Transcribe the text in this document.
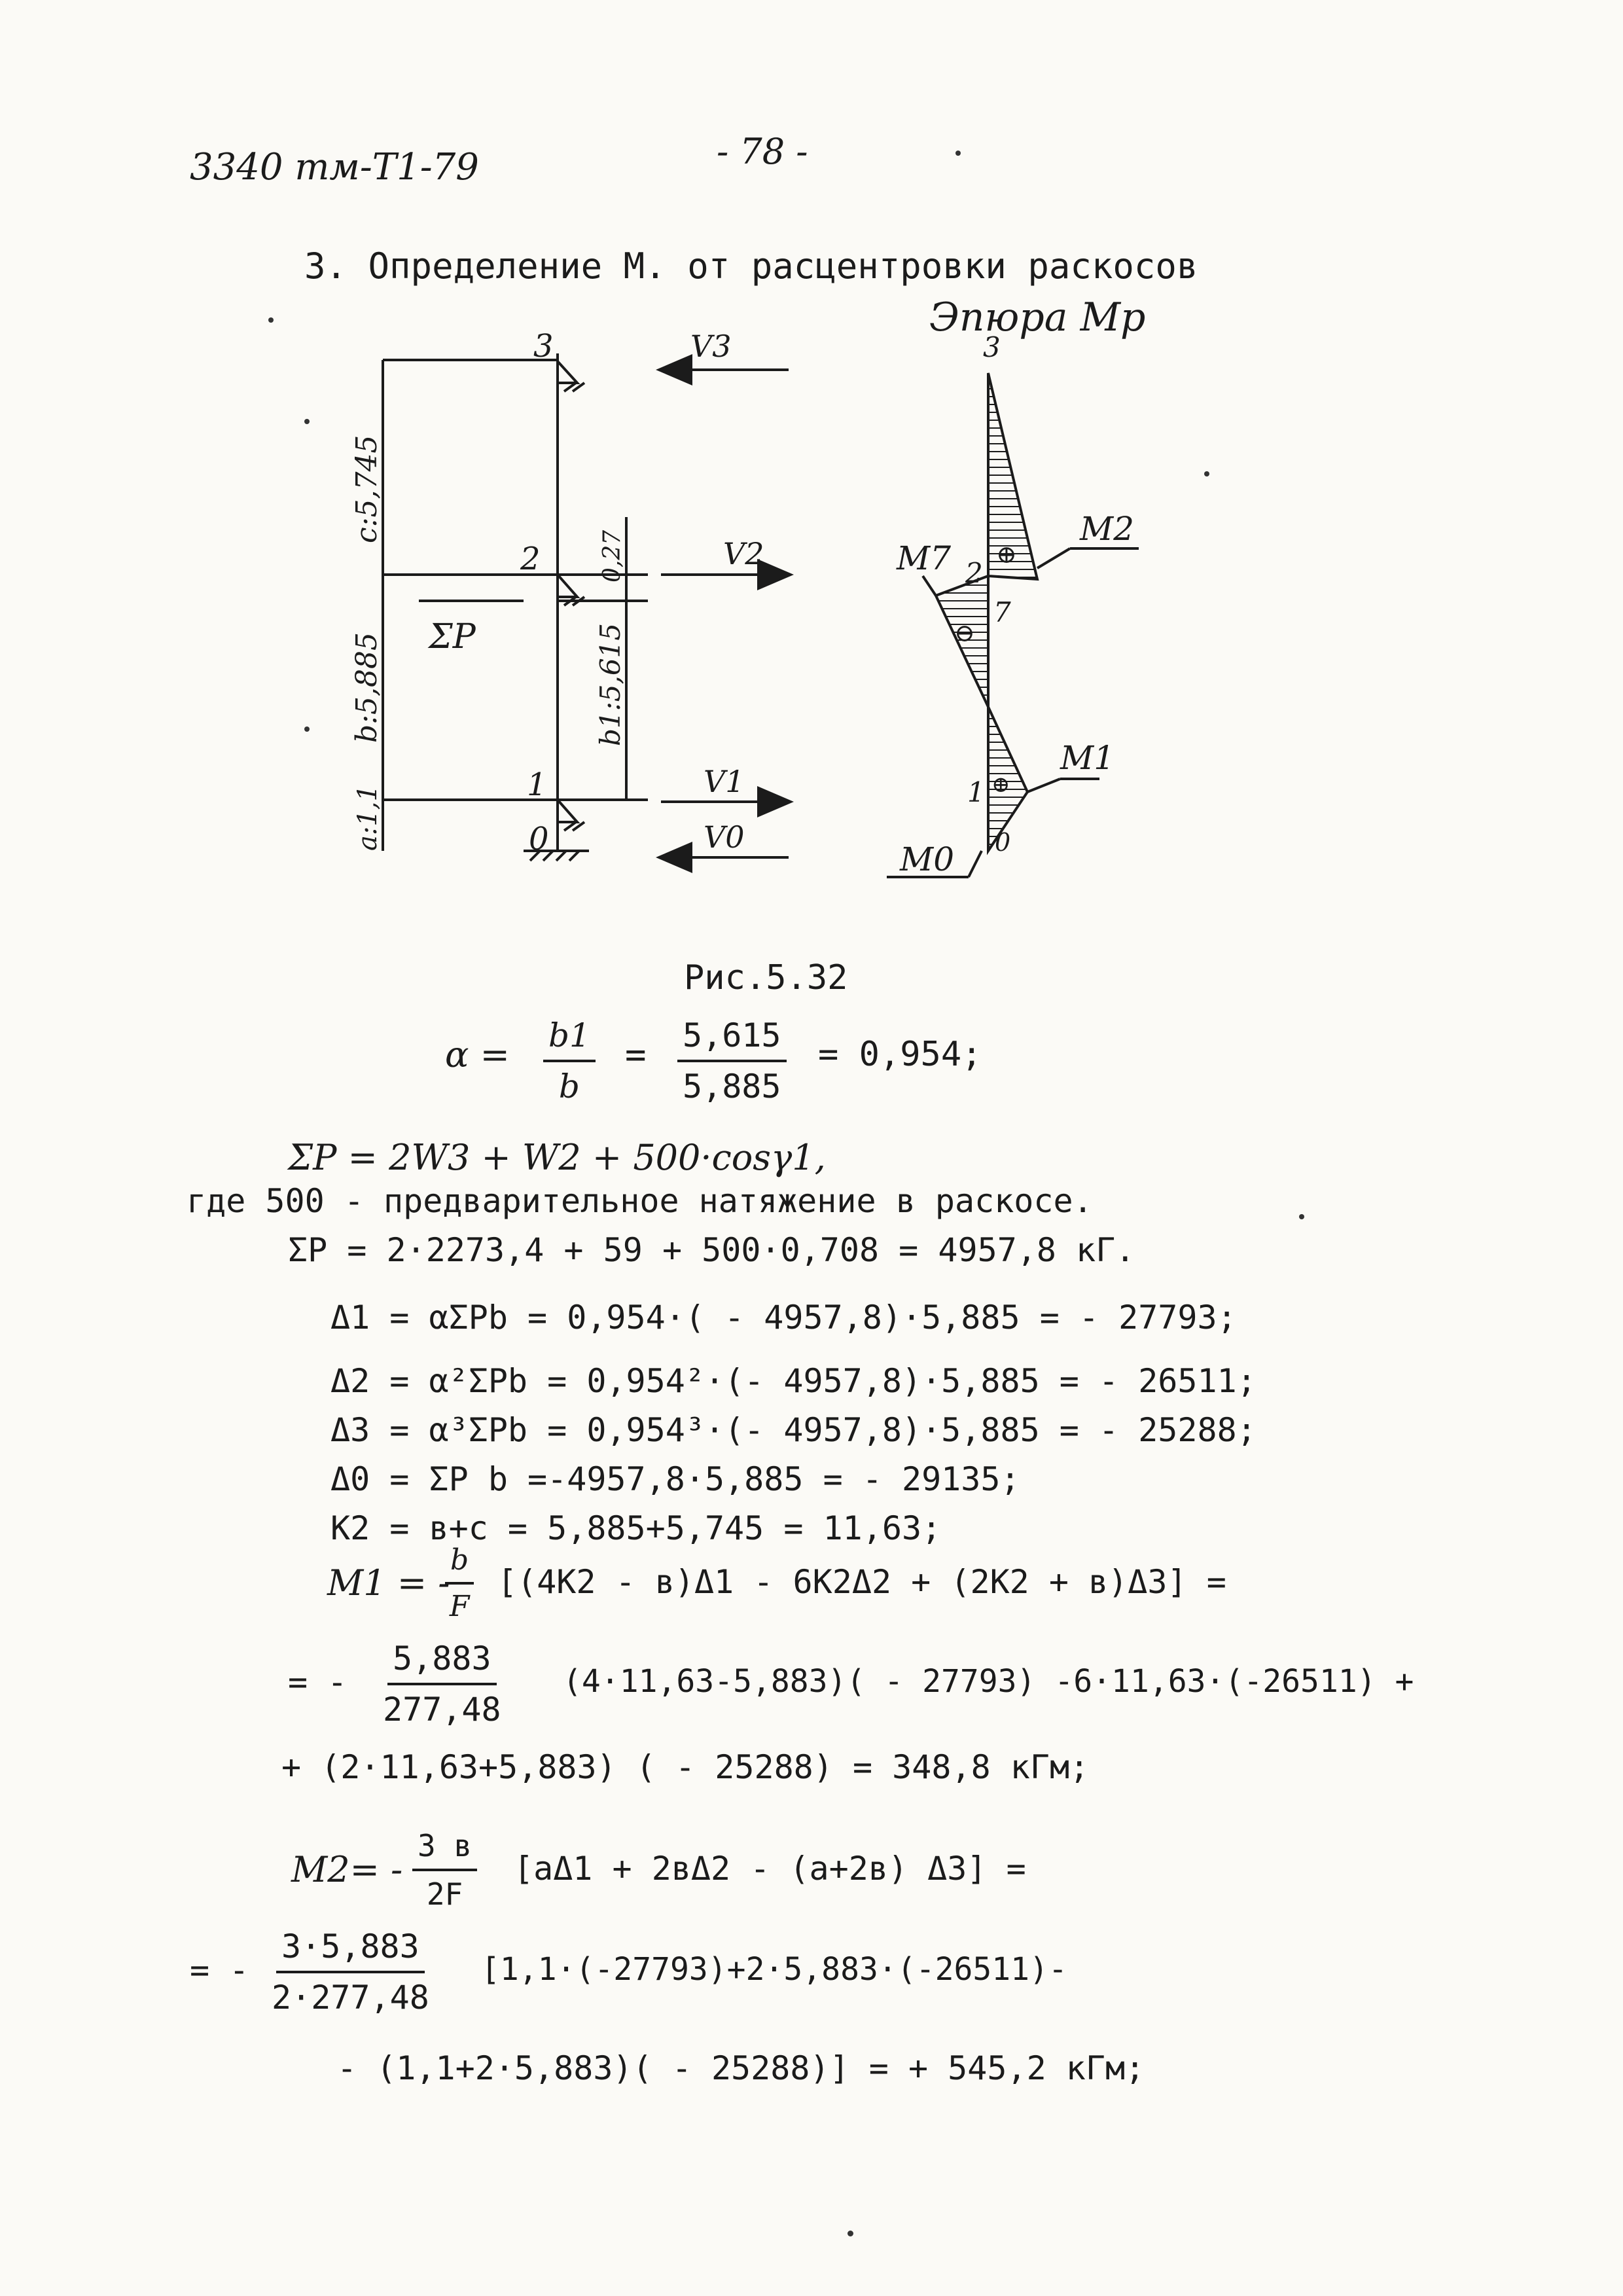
3340 тм-Т1-79	- 78 -
3. Определение М. от расцентровки раскосов
Эпюра Мр
3
2
1
0
c:5,745
b:5,885
a:1,1
b1:5,615
0,27
ΣP
V3
V2
V1
V0
3
2
7
1
0
M2
M7
M1
M0
⊕
⊖
⊕
Рис.5.32
$\alpha = \frac{b1}{b} = \frac{5,615}{5,885} = 0,954$;
ΣP = 2W3 + W2 + 500·cosγ1,
где 500 - предварительное натяжение в раскосе.
ΣP = 2·2273,4 + 59 + 500·0,708 = 4957,8 кГ.
Δ1 = αΣPb = 0,954·( - 4957,8)·5,885 = - 27793;
Δ2 = α²ΣPb = 0,954²·(- 4957,8)·5,885 = - 26511;
Δ3 = α³ΣPb = 0,954³·(- 4957,8)·5,885 = - 25288;
Δ0 = ΣP b =-4957,8·5,885 = - 29135;
K2 = в+с = 5,885+5,745 = 11,63;
M1 = -
$\frac{b}{F} [(4K2 - в)\Delta 1 - 6K2\Delta 2 + (2K2 + в)\Delta 3]$ =
= - $\frac{5,883}{277,48} (4\cdot 11,63-5,883)( - 27793) -6\cdot 11,63\cdot(-26511)$ +
+ (2·11,63+5,883) ( - 25288) = 348,8 кГм;
M2= -
3 в
2F
[aΔ1 + 2вΔ2 - (a+2в) Δ3] =
= - $\frac{3\cdot 5,883}{2\cdot 277,48} [1,1\cdot(-27793)+2\cdot 5,883\cdot(-26511)-$
- (1,1+2·5,883)( - 25288)] = + 545,2 кГм;
